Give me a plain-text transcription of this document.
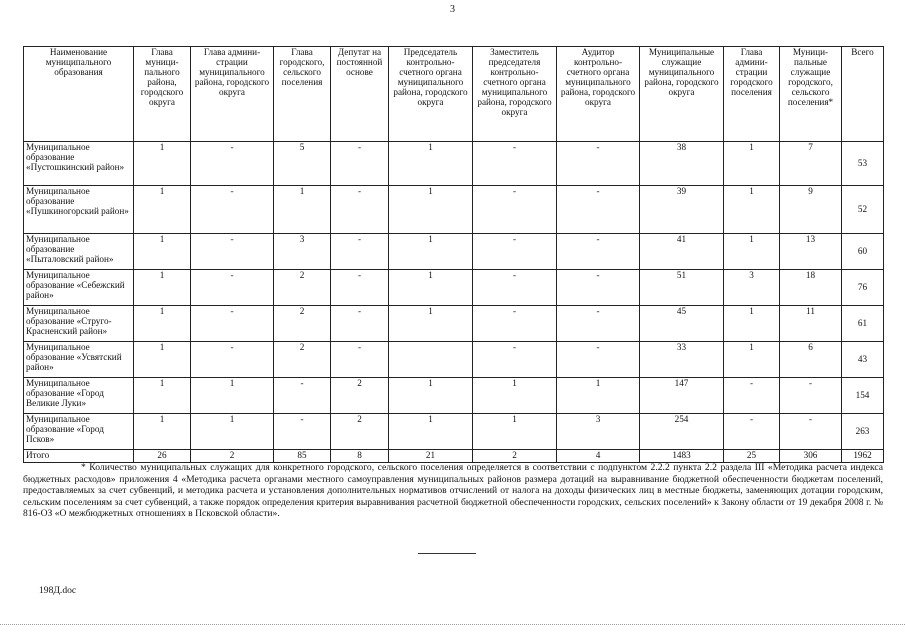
3
Наименование муниципального образования	Глава муници-пального района, городского округа	Глава админи-страции муниципального района, городского округа	Глава городского, сельского поселения	Депутат на постоянной основе	Председатель контрольно-счетного органа муниципального района, городского округа	Заместитель председателя контрольно-счетного органа муниципального района, городского округа	Аудитор контрольно-счетного органа муниципального района, городского округа	Муниципальные служащие муниципального района, городского округа	Глава админи-страции городского поселения	Муници-пальные служащие городского, сельского поселения*	Всего
Муниципальное образование «Пустошкинский район»	1	-	5	-	1	-	-	38	1	7	53
Муниципальное образование «Пушкиногорский район»	1	-	1	-	1	-	-	39	1	9	52
Муниципальное образование «Пыталовский район»	1	-	3	-	1	-	-	41	1	13	60
Муниципальное образование «Себежский район»	1	-	2	-	1	-	-	51	3	18	76
Муниципальное образование «Струго-Красненский район»	1	-	2	-	1	-	-	45	1	11	61
Муниципальное образование «Усвятский район»	1	-	2	-		-	-	33	1	6	43
Муниципальное образование «Город Великие Луки»	1	1	-	2	1	1	1	147	-	-	154
Муниципальное образование «Город Псков»	1	1	-	2	1	1	3	254	-	-	263
Итого	26	2	85	8	21	2	4	1483	25	306	1962
* Количество муниципальных служащих для конкретного городского, сельского поселения определяется в соответствии с подпунктом 2.2.2 пункта 2.2 раздела III «Методика расчета индекса бюджетных расходов» приложения 4 «Методика расчета органами местного самоуправления муниципальных районов размера дотаций на выравнивание бюджетной обеспеченности бюджетам поселений, предоставляемых за счет субвенций, и методика расчета и установления дополнительных нормативов отчислений от налога на доходы физических лиц в местные бюджеты, заменяющих дотации городским, сельским поселениям за счет субвенций, а также порядок определения критерия выравнивания расчетной бюджетной обеспеченности городских, сельских поселений» к Закону области от 19 декабря 2008 г. № 816-ОЗ «О межбюджетных отношениях в Псковской области».
198Д.doc
